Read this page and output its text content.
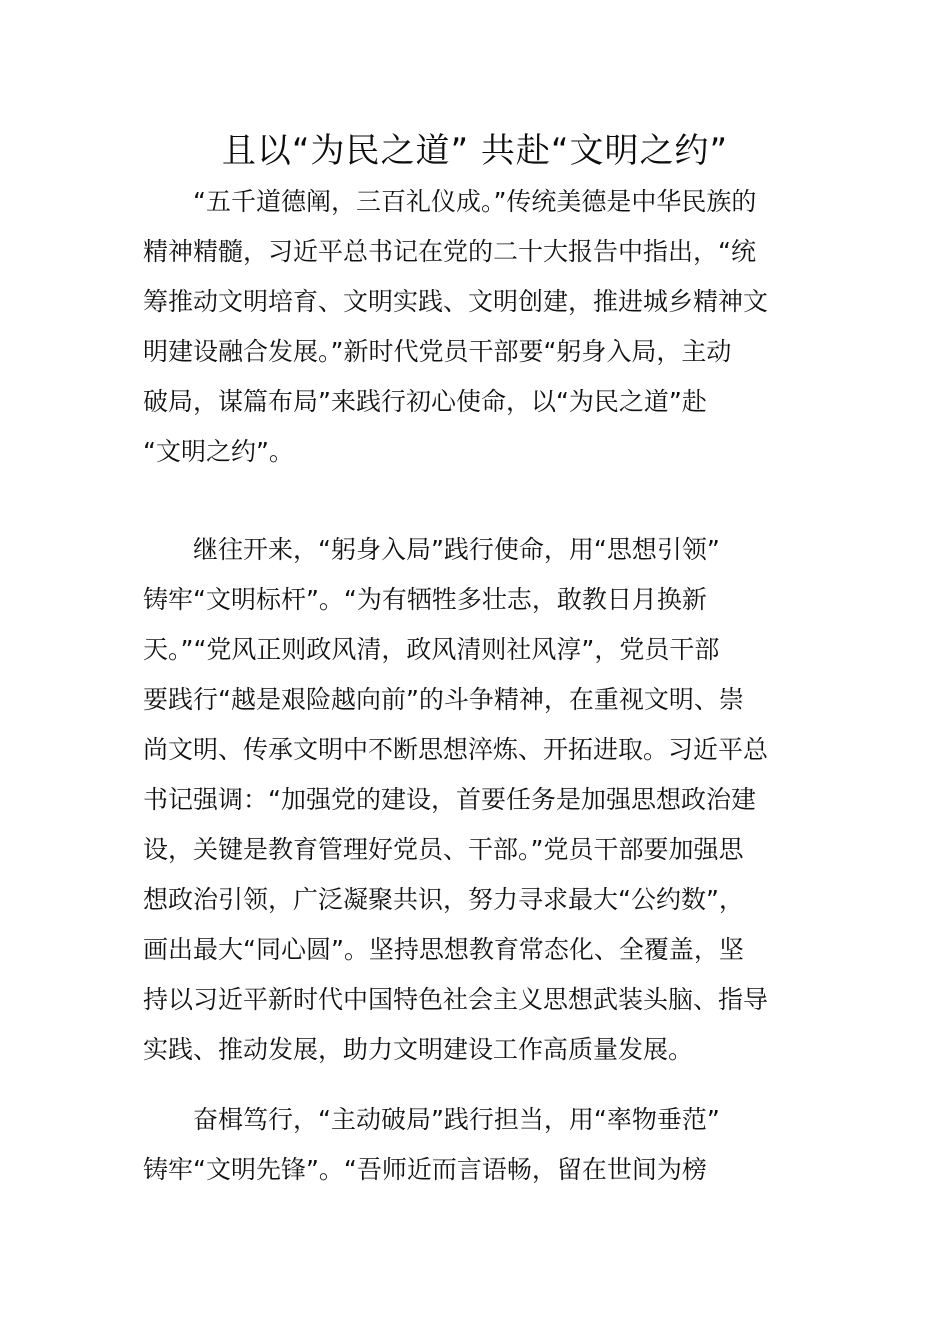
且以“为民之道” 共赴“文明之约”
“五千道德阐，三百礼仪成。”传统美德是中华民族的
精神精髓，习近平总书记在党的二十大报告中指出，“统
筹推动文明培育、文明实践、文明创建，推进城乡精神文
明建设融合发展。”新时代党员干部要“躬身入局，主动
破局，谋篇布局”来践行初心使命，以“为民之道”赴
“文明之约”。
继往开来，“躬身入局”践行使命，用“思想引领”
铸牢“文明标杆”。“为有牺牲多壮志，敢教日月换新
天。”“党风正则政风清，政风清则社风淳”，党员干部
要践行“越是艰险越向前”的斗争精神，在重视文明、崇
尚文明、传承文明中不断思想淬炼、开拓进取。习近平总
书记强调：“加强党的建设，首要任务是加强思想政治建
设，关键是教育管理好党员、干部。”党员干部要加强思
想政治引领，广泛凝聚共识，努力寻求最大“公约数”，
画出最大“同心圆”。坚持思想教育常态化、全覆盖，坚
持以习近平新时代中国特色社会主义思想武装头脑、指导
实践、推动发展，助力文明建设工作高质量发展。
奋楫笃行，“主动破局”践行担当，用“率物垂范”
铸牢“文明先锋”。“吾师近而言语畅，留在世间为榜
